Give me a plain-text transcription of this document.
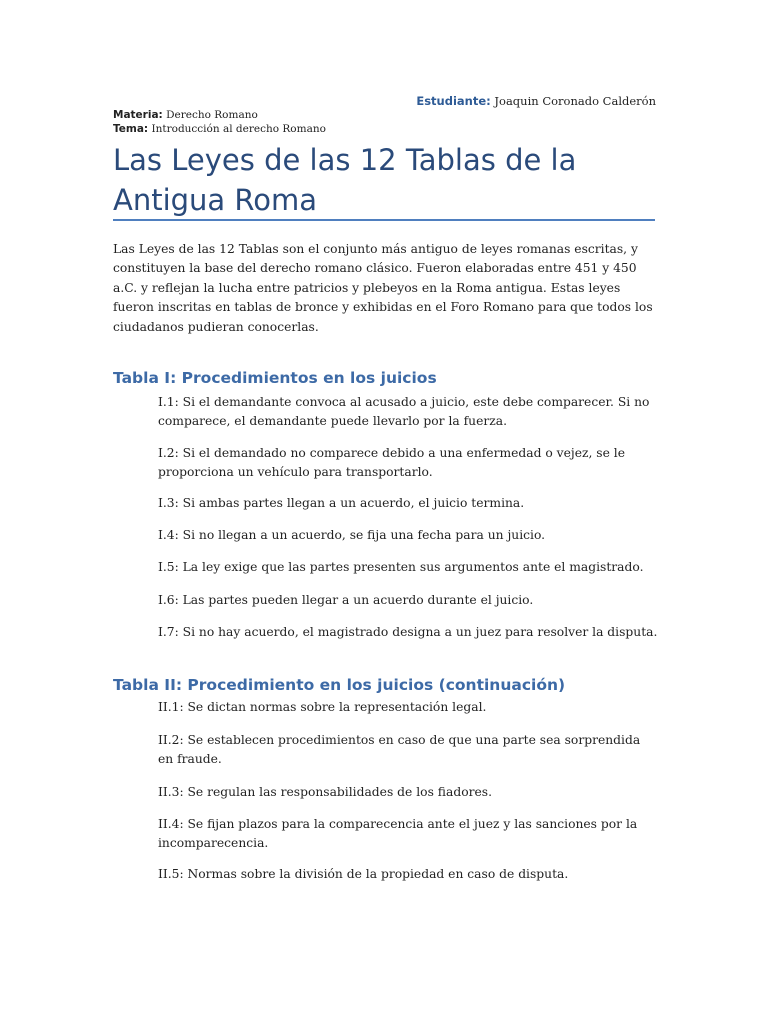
Estudiante: Joaquin Coronado Calderón
Materia: Derecho Romano
Tema: Introducción al derecho Romano
Las Leyes de las 12 Tablas de la Antigua Roma

Las Leyes de las 12 Tablas son el conjunto más antiguo de leyes romanas escritas, y constituyen la base del derecho romano clásico. Fueron elaboradas entre 451 y 450 a.C. y reflejan la lucha entre patricios y plebeyos en la Roma antigua. Estas leyes fueron inscritas en tablas de bronce y exhibidas en el Foro Romano para que todos los ciudadanos pudieran conocerlas.

Tabla I: Procedimientos en los juicios

I.1: Si el demandante convoca al acusado a juicio, este debe comparecer. Si no comparece, el demandante puede llevarlo por la fuerza.

I.2: Si el demandado no comparece debido a una enfermedad o vejez, se le proporciona un vehículo para transportarlo.

I.3: Si ambas partes llegan a un acuerdo, el juicio termina.

I.4: Si no llegan a un acuerdo, se fija una fecha para un juicio.

I.5: La ley exige que las partes presenten sus argumentos ante el magistrado.

I.6: Las partes pueden llegar a un acuerdo durante el juicio.

I.7: Si no hay acuerdo, el magistrado designa a un juez para resolver la disputa.

Tabla II: Procedimiento en los juicios (continuación)

II.1: Se dictan normas sobre la representación legal.

II.2: Se establecen procedimientos en caso de que una parte sea sorprendida en fraude.

II.3: Se regulan las responsabilidades de los fiadores.

II.4: Se fijan plazos para la comparecencia ante el juez y las sanciones por la incomparecencia.

II.5: Normas sobre la división de la propiedad en caso de disputa.
